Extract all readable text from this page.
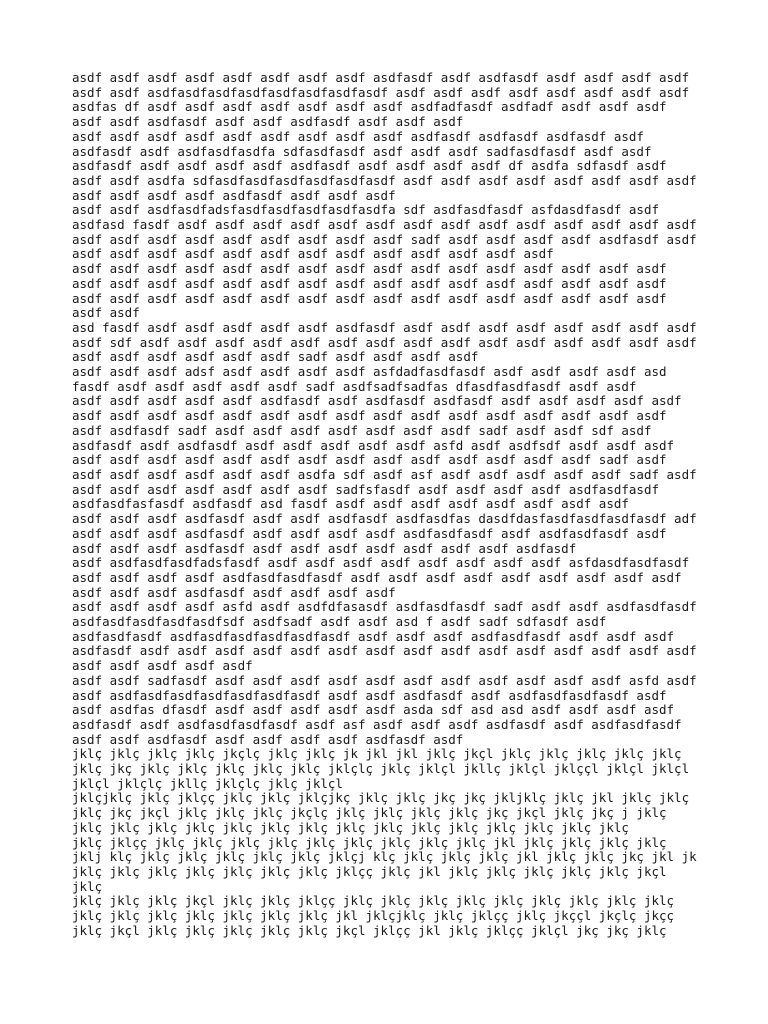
asdf asdf asdf asdf asdf asdf asdf asdf asdfasdf asdf asdfasdf asdf asdf asdf asdf
asdf asdf asdfasdfasdfasdfasdfasdfasdfasdf asdf asdf asdf asdf asdf asdf asdf asdf
asdfas df asdf asdf asdf asdf asdf asdf asdf asdfadfasdf asdfadf asdf asdf asdf
asdf asdf asdfasdf asdf asdf asdfasdf asdf asdf asdf
asdf asdf asdf asdf asdf asdf asdf asdf asdf asdfasdf asdfasdf asdfasdf asdf
asdfasdf asdf asdfasdfasdfa sdfasdfasdf asdf asdf asdf sadfasdfasdf asdf asdf
asdfasdf asdf asdf asdf asdf asdfasdf asdf asdf asdf asdf df asdfa sdfasdf asdf
asdf asdf asdfa sdfasdfasdfasdfasdfasdfasdf asdf asdf asdf asdf asdf asdf asdf asdf
asdf asdf asdf asdf asdfasdf asdf asdf asdf
asdf asdf asdfasdfadsfasdfasdfasdfasdfasdfa sdf asdfasdfasdf asfdasdfasdf asdf
asdfasd fasdf asdf asdf asdf asdf asdf asdf asdf asdf asdf asdf asdf asdf asdf asdf
asdf asdf asdf asdf asdf asdf asdf asdf asdf sadf asdf asdf asdf asdf asdfasdf asdf
asdf asdf asdf asdf asdf asdf asdf asdf asdf asdf asdf asdf asdf
asdf asdf asdf asdf asdf asdf asdf asdf asdf asdf asdf asdf asdf asdf asdf asdf
asdf asdf asdf asdf asdf asdf asdf asdf asdf asdf asdf asdf asdf asdf asdf asdf
asdf asdf asdf asdf asdf asdf asdf asdf asdf asdf asdf asdf asdf asdf asdf asdf
asdf asdf
asd fasdf asdf asdf asdf asdf asdf asdfasdf asdf asdf asdf asdf asdf asdf asdf asdf
asdf sdf asdf asdf asdf asdf asdf asdf asdf asdf asdf asdf asdf asdf asdf asdf asdf
asdf asdf asdf asdf asdf asdf sadf asdf asdf asdf asdf
asdf asdf asdf adsf asdf asdf asdf asdf asfdadfasdfasdf asdf asdf asdf asdf asd
fasdf asdf asdf asdf asdf asdf sadf asdfsadfsadfas dfasdfasdfasdf asdf asdf
asdf asdf asdf asdf asdf asdfasdf asdf asdfasdf asdfasdf asdf asdf asdf asdf asdf
asdf asdf asdf asdf asdf asdf asdf asdf asdf asdf asdf asdf asdf asdf asdf asdf
asdf asdfasdf sadf asdf asdf asdf asdf asdf asdf asdf sadf asdf asdf sdf asdf
asdfasdf asdf asdfasdf asdf asdf asdf asdf asdf asfd asdf asdfsdf asdf asdf asdf
asdf asdf asdf asdf asdf asdf asdf asdf asdf asdf asdf asdf asdf asdf sadf asdf
asdf asdf asdf asdf asdf asdf asdfa sdf asdf asf asdf asdf asdf asdf asdf sadf asdf
asdf asdf asdf asdf asdf asdf asdf sadfsfasdf asdf asdf asdf asdf asdfasdfasdf
asdfasdfasfasdf asdfasdf asd fasdf asdf asdf asdf asdf asdf asdf asdf asdf
asdf asdf asdf asdfasdf asdf asdf asdfasdf asdfasdfas dasdfdasfasdfasdfasdfasdf adf
asdf asdf asdf asdfasdf asdf asdf asdf asdf asdfasdfasdf asdf asdfasdfasdf asdf
asdf asdf asdf asdfasdf asdf asdf asdf asdf asdf asdf asdf asdfasdf
asdf asdfasdfasdfadsfasdf asdf asdf asdf asdf asdf asdf asdf asdf asfdasdfasdfasdf
asdf asdf asdf asdf asdfasdfasdfasdf asdf asdf asdf asdf asdf asdf asdf asdf asdf
asdf asdf asdf asdfasdf asdf asdf asdf asdf
asdf asdf asdf asdf asfd asdf asdfdfasasdf asdfasdfasdf sadf asdf asdf asdfasdfasdf
asdfasdfasdfasdfasdfsdf asdfsadf asdf asdf asd f asdf sadf sdfasdf asdf
asdfasdfasdf asdfasdfasdfasdfasdfasdf asdf asdf asdf asdfasdfasdf asdf asdf asdf
asdfasdf asdf asdf asdf asdf asdf asdf asdf asdf asdf asdf asdf asdf asdf asdf asdf
asdf asdf asdf asdf asdf
asdf asdf sadfasdf asdf asdf asdf asdf asdf asdf asdf asdf asdf asdf asdf asfd asdf
asdf asdfasdfasdfasdfasdfasdfasdf asdf asdf asdfasdf asdf asdfasdfasdfasdf asdf
asdf asdfas dfasdf asdf asdf asdf asdf asdf asda sdf asd asd asdf asdf asdf asdf
asdfasdf asdf asdfasdfasdfasdf asdf asf asdf asdf asdf asdfasdf asdf asdfasdfasdf
asdf asdf asdfasdf asdf asdf asdf asdf asdfasdf asdf
jklç jklç jklç jklç jkçlç jklç jklç jk jkl jkl jklç jkçl jklç jklç jklç jklç jklç
jklç jkç jklç jklç jklç jklç jklç jklçlç jklç jklçl jkllç jklçl jklççl jklçl jklçl
jklçl jklçlç jkllç jklçlç jklç jklçl
jklçjklç jklç jklçç jklç jklç jklçjkç jklç jklç jkç jkç jkljklç jklç jkl jklç jklç
jklç jkç jkçl jklç jklç jklç jkçlç jklç jklç jklç jklç jkç jkçl jklç jkç j jklç
jklç jklç jklç jklç jklç jklç jklç jklç jklç jklç jklç jklç jklç jklç jklç
jklç jklçç jklç jklç jklç jklç jklç jklç jklç jklç jklç jkl jklç jklç jklç jklç
jklj klç jklç jklç jklç jklç jklç jklçj klç jklç jklç jklç jkl jklç jklç jkç jkl jk
jklç jklç jklç jklç jklç jklç jklç jklçç jklç jkl jklç jklç jklç jklç jklç jkçl
jklç
jklç jklç jklç jkçl jklç jklç jklçç jklç jklç jklç jklç jklç jklç jklç jklç jklç
jklç jklç jklç jklç jklç jklç jklç jkl jklçjklç jklç jklçç jklç jkççl jkçlç jkçç
jklç jkçl jklç jklç jklç jklç jklç jkçl jklçç jkl jklç jklçç jklçl jkç jkç jklç
